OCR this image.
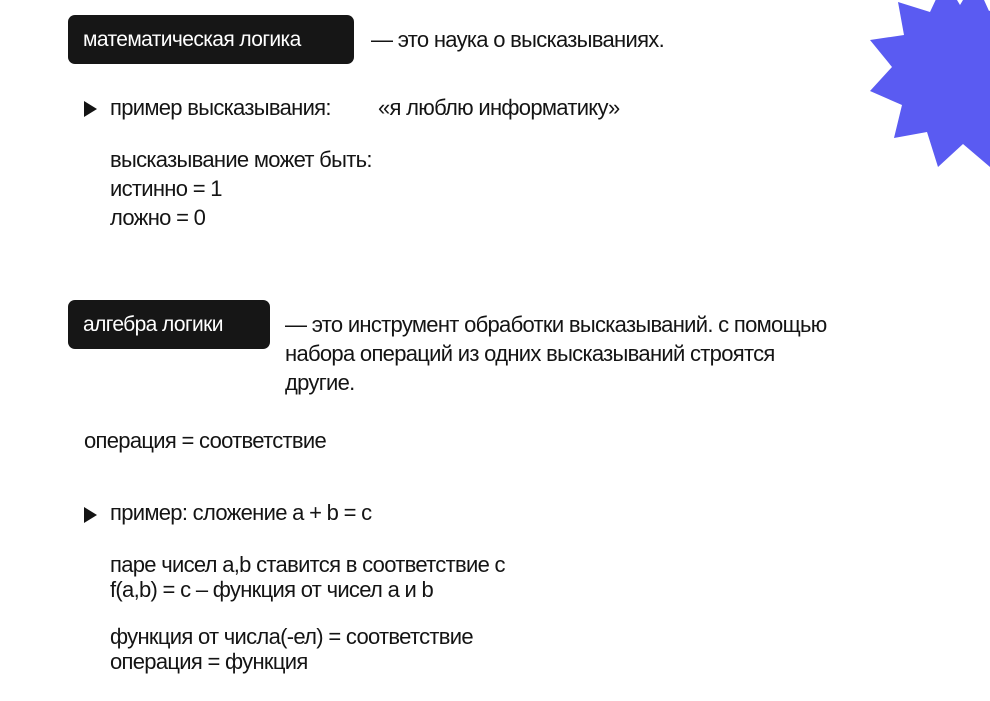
математическая логика	— это наука о высказываниях.
пример высказывания: «я люблю информатику»
высказывание может быть:
истинно = 1
ложно = 0
алгебра логики	— это инструмент обработки высказываний. с помощью
набора операций из одних высказываний строятся
другие.
операция = соответствие
пример: сложение a + b = c
паре чисел a,b ставится в соответствие c
f(a,b) = c – функция от чисел a и b
функция от числа(-ел) = соответствие
операция = функция
